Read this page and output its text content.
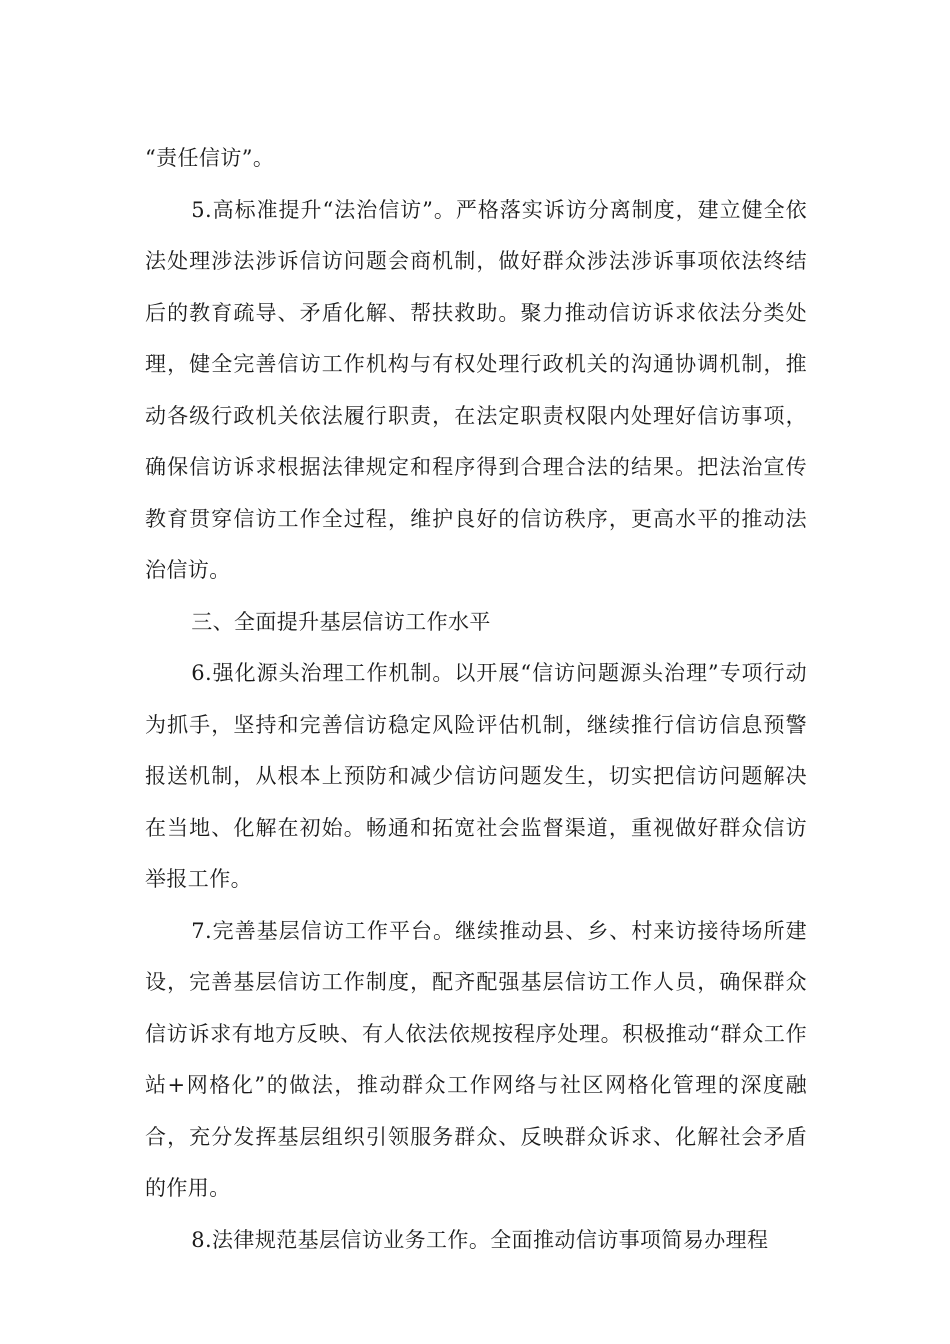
“责任信访”。

5.高标准提升“法治信访”。严格落实诉访分离制度，建立健全依法处理涉法涉诉信访问题会商机制，做好群众涉法涉诉事项依法终结后的教育疏导、矛盾化解、帮扶救助。聚力推动信访诉求依法分类处理，健全完善信访工作机构与有权处理行政机关的沟通协调机制，推动各级行政机关依法履行职责，在法定职责权限内处理好信访事项，确保信访诉求根据法律规定和程序得到合理合法的结果。把法治宣传教育贯穿信访工作全过程，维护良好的信访秩序，更高水平的推动法治信访。

三、全面提升基层信访工作水平

6.强化源头治理工作机制。以开展“信访问题源头治理”专项行动为抓手，坚持和完善信访稳定风险评估机制，继续推行信访信息预警报送机制，从根本上预防和减少信访问题发生，切实把信访问题解决在当地、化解在初始。畅通和拓宽社会监督渠道，重视做好群众信访举报工作。

7.完善基层信访工作平台。继续推动县、乡、村来访接待场所建设，完善基层信访工作制度，配齐配强基层信访工作人员，确保群众信访诉求有地方反映、有人依法依规按程序处理。积极推动“群众工作站+网格化”的做法，推动群众工作网络与社区网格化管理的深度融合，充分发挥基层组织引领服务群众、反映群众诉求、化解社会矛盾的作用。

8.法律规范基层信访业务工作。全面推动信访事项简易办理程
